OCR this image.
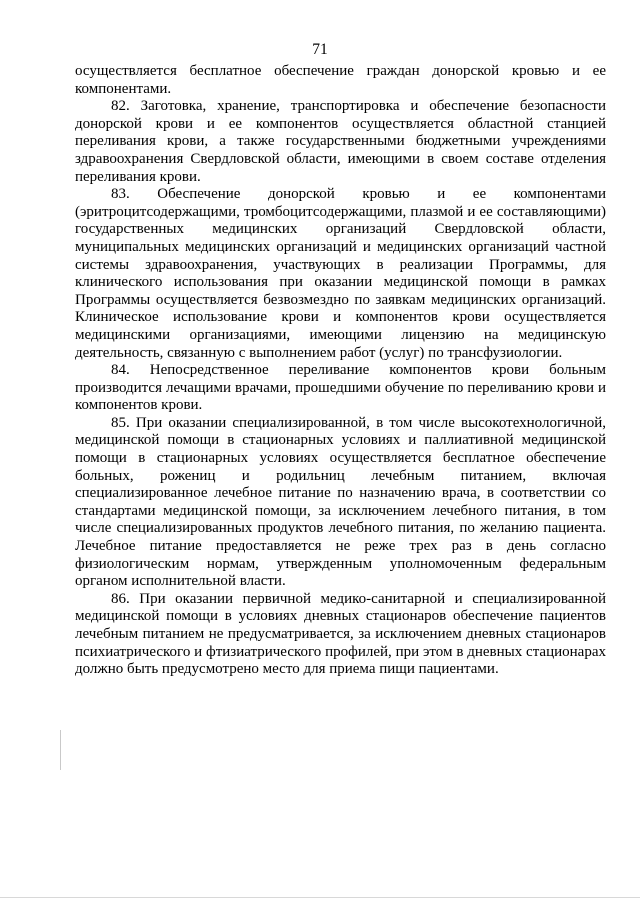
71

осуществляется бесплатное обеспечение граждан донорской кровью и ее компонентами.

82. Заготовка, хранение, транспортировка и обеспечение безопасности донорской крови и ее компонентов осуществляется областной станцией переливания крови, а также государственными бюджетными учреждениями здравоохранения Свердловской области, имеющими в своем составе отделения переливания крови.

83. Обеспечение донорской кровью и ее компонентами (эритроцитсодержащими, тромбоцитсодержащими, плазмой и ее составляющими) государственных медицинских организаций Свердловской области, муниципальных медицинских организаций и медицинских организаций частной системы здравоохранения, участвующих в реализации Программы, для клинического использования при оказании медицинской помощи в рамках Программы осуществляется безвозмездно по заявкам медицинских организаций. Клиническое использование крови и компонентов крови осуществляется медицинскими организациями, имеющими лицензию на медицинскую деятельность, связанную с выполнением работ (услуг) по трансфузиологии.

84. Непосредственное переливание компонентов крови больным производится лечащими врачами, прошедшими обучение по переливанию крови и компонентов крови.

85. При оказании специализированной, в том числе высокотехнологичной, медицинской помощи в стационарных условиях и паллиативной медицинской помощи в стационарных условиях осуществляется бесплатное обеспечение больных, рожениц и родильниц лечебным питанием, включая специализированное лечебное питание по назначению врача, в соответствии со стандартами медицинской помощи, за исключением лечебного питания, в том числе специализированных продуктов лечебного питания, по желанию пациента. Лечебное питание предоставляется не реже трех раз в день согласно физиологическим нормам, утвержденным уполномоченным федеральным органом исполнительной власти.

86. При оказании первичной медико-санитарной и специализированной медицинской помощи в условиях дневных стационаров обеспечение пациентов лечебным питанием не предусматривается, за исключением дневных стационаров психиатрического и фтизиатрического профилей, при этом в дневных стационарах должно быть предусмотрено место для приема пищи пациентами.
